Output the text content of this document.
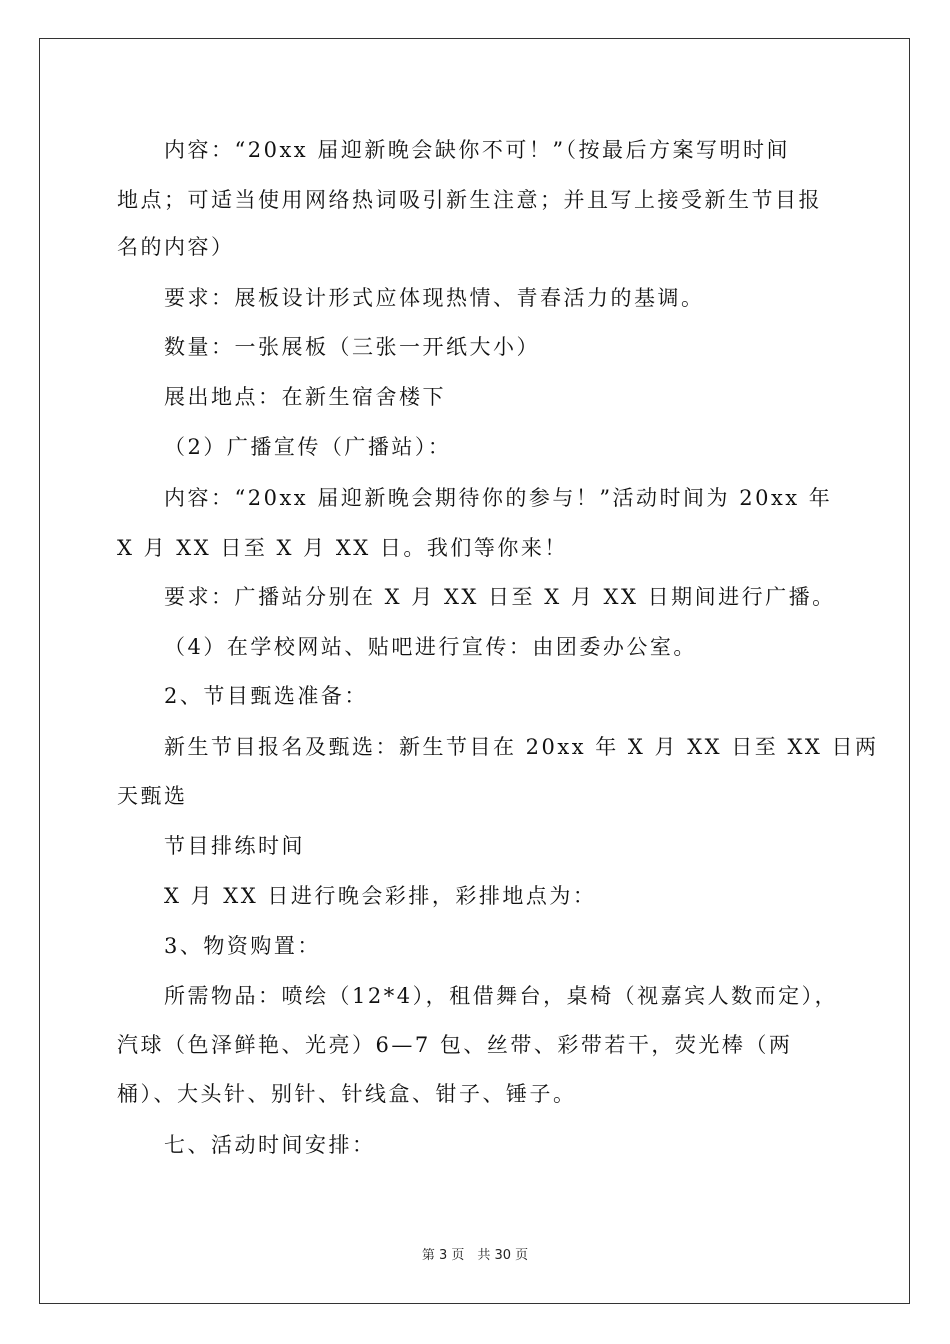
内容：“20xx 届迎新晚会缺你不可！”（按最后方案写明时间
地点；可适当使用网络热词吸引新生注意；并且写上接受新生节目报
名的内容）
要求：展板设计形式应体现热情、青春活力的基调。
数量：一张展板（三张一开纸大小）
展出地点：在新生宿舍楼下
（2）广播宣传（广播站）：
内容：“20xx 届迎新晚会期待你的参与！”活动时间为 20xx 年
X 月 XX 日至 X 月 XX 日。我们等你来！
要求：广播站分别在 X 月 XX 日至 X 月 XX 日期间进行广播。
（4）在学校网站、贴吧进行宣传：由团委办公室。
2、节目甄选准备：
新生节目报名及甄选：新生节目在 20xx 年 X 月 XX 日至 XX 日两
天甄选
节目排练时间
X 月 XX 日进行晚会彩排，彩排地点为：
3、物资购置：
所需物品：喷绘（12*4），租借舞台，桌椅（视嘉宾人数而定），
汽球（色泽鲜艳、光亮）6—7 包、丝带、彩带若干，荧光棒（两
桶）、大头针、别针、针线盒、钳子、锤子。
七、活动时间安排：
第 3 页　共 30 页
